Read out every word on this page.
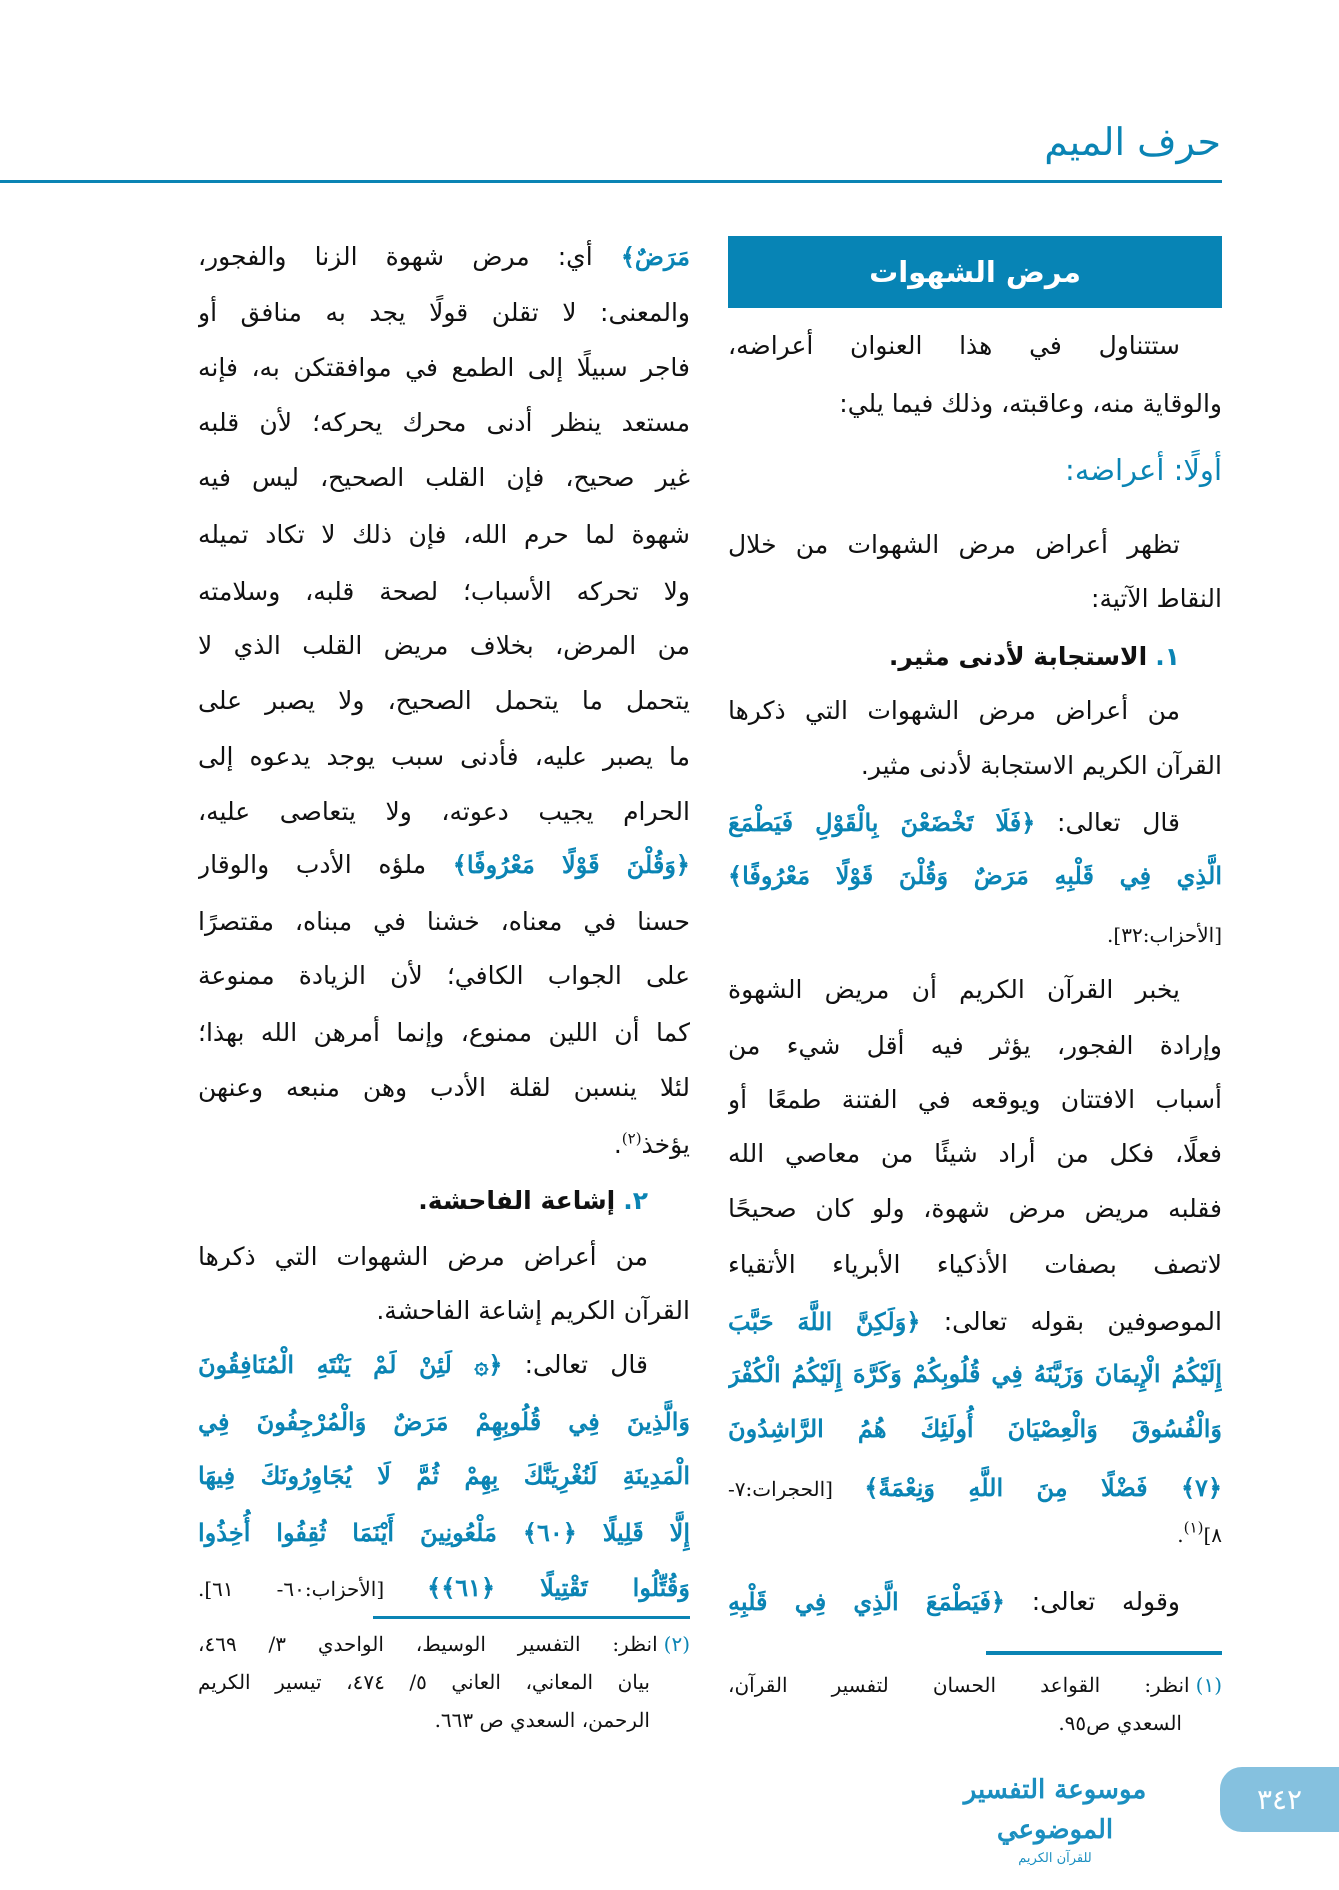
حرف الميم
مرض الشهوات
ستتناول في هذا العنوان أعراضه،
والوقاية منه، وعاقبته، وذلك فيما يلي:
أولًا: أعراضه:
تظهر أعراض مرض الشهوات من خلال
النقاط الآتية:
١.الاستجابة لأدنى مثير.
من أعراض مرض الشهوات التي ذكرها
القرآن الكريم الاستجابة لأدنى مثير.
قال تعالى: ﴿فَلَا تَخْضَعْنَ بِالْقَوْلِ فَيَطْمَعَ
الَّذِي فِي قَلْبِهِ مَرَضٌ وَقُلْنَ قَوْلًا مَعْرُوفًا﴾
[الأحزاب:٣٢].
يخبر القرآن الكريم أن مريض الشهوة
وإرادة الفجور، يؤثر فيه أقل شيء من
أسباب الافتتان ويوقعه في الفتنة طمعًا أو
فعلًا، فكل من أراد شيئًا من معاصي الله
فقلبه مريض مرض شهوة، ولو كان صحيحًا
لاتصف بصفات الأذكياء الأبرياء الأتقياء
الموصوفين بقوله تعالى: ﴿وَلَكِنَّ اللَّهَ حَبَّبَ
إِلَيْكُمُ الْإِيمَانَ وَزَيَّنَهُ فِي قُلُوبِكُمْ وَكَرَّهَ إِلَيْكُمُ الْكُفْرَ
وَالْفُسُوقَ وَالْعِصْيَانَ أُولَئِكَ هُمُ الرَّاشِدُونَ
﴿٧﴾ فَضْلًا مِنَ اللَّهِ وَنِعْمَةً﴾ [الحجرات:٧-
٨]$^{(١)}$.
وقوله تعالى: ﴿فَيَطْمَعَ الَّذِي فِي قَلْبِهِ
مَرَضٌ﴾ أي: مرض شهوة الزنا والفجور،
والمعنى: لا تقلن قولًا يجد به منافق أو
فاجر سبيلًا إلى الطمع في موافقتكن به، فإنه
مستعد ينظر أدنى محرك يحركه؛ لأن قلبه
غير صحيح، فإن القلب الصحيح، ليس فيه
شهوة لما حرم الله، فإن ذلك لا تكاد تميله
ولا تحركه الأسباب؛ لصحة قلبه، وسلامته
من المرض، بخلاف مريض القلب الذي لا
يتحمل ما يتحمل الصحيح، ولا يصبر على
ما يصبر عليه، فأدنى سبب يوجد يدعوه إلى
الحرام يجيب دعوته، ولا يتعاصى عليه،
﴿وَقُلْنَ قَوْلًا مَعْرُوفًا﴾ ملؤه الأدب والوقار
حسنا في معناه، خشنا في مبناه، مقتصرًا
على الجواب الكافي؛ لأن الزيادة ممنوعة
كما أن اللين ممنوع، وإنما أمرهن الله بهذا؛
لئلا ينسبن لقلة الأدب وهن منبعه وعنهن
يؤخذ$^{(٢)}$.
٢.إشاعة الفاحشة.
من أعراض مرض الشهوات التي ذكرها
القرآن الكريم إشاعة الفاحشة.
قال تعالى: ﴿۞ لَئِنْ لَمْ يَنْتَهِ الْمُنَافِقُونَ
وَالَّذِينَ فِي قُلُوبِهِمْ مَرَضٌ وَالْمُرْجِفُونَ فِي
الْمَدِينَةِ لَنُغْرِيَنَّكَ بِهِمْ ثُمَّ لَا يُجَاوِرُونَكَ فِيهَا
إِلَّا قَلِيلًا ﴿٦٠﴾ مَلْعُونِينَ أَيْنَمَا ثُقِفُوا أُخِذُوا
وَقُتِّلُوا تَقْتِيلًا ﴿٦١﴾﴾ [الأحزاب:٦٠- ٦١].
(١)انظر: القواعد الحسان لتفسير القرآن،
السعدي ص٩٥.
(٢)انظر: التفسير الوسيط، الواحدي ٣/ ٤٦٩،
بيان المعاني، العاني ٥/ ٤٧٤، تيسير الكريم
الرحمن، السعدي ص ٦٦٣.
موسوعة التفسير الموضوعي
للقرآن الكريم
٣٤٢
